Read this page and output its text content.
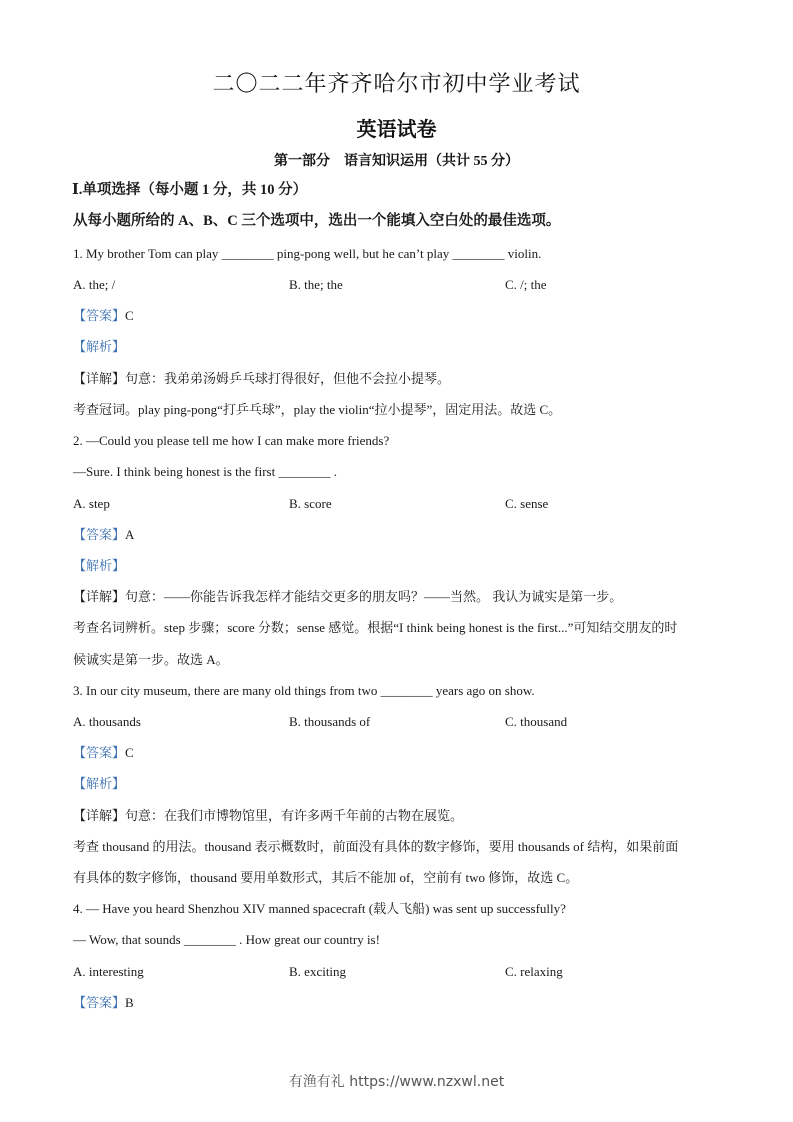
二〇二二年齐齐哈尔市初中学业考试
英语试卷
第一部分　语言知识运用（共计 55 分）
Ⅰ.单项选择（每小题 1 分，共 10 分）
从每小题所给的 A、B、C 三个选项中，选出一个能填入空白处的最佳选项。
1. My brother Tom can play ________ ping-pong well, but he can’t play ________ violin.
A. the; /	B. the; the	C. /; the
【答案】C
【解析】
【详解】句意：我弟弟汤姆乒乓球打得很好，但他不会拉小提琴。
考查冠词。play ping-pong“打乒乓球”，play the violin“拉小提琴”，固定用法。故选 C。
2. —Could you please tell me how I can make more friends?
—Sure. I think being honest is the first ________ .
A. step	B. score	C. sense
【答案】A
【解析】
【详解】句意：——你能告诉我怎样才能结交更多的朋友吗？——当然。 我认为诚实是第一步。
考查名词辨析。step 步骤；score 分数；sense 感觉。根据“I think being honest is the first...”可知结交朋友的时
候诚实是第一步。故选 A。
3. In our city museum, there are many old things from two ________ years ago on show.
A. thousands	B. thousands of	C. thousand
【答案】C
【解析】
【详解】句意：在我们市博物馆里，有许多两千年前的古物在展览。
考查 thousand 的用法。thousand 表示概数时，前面没有具体的数字修饰，要用 thousands of 结构，如果前面
有具体的数字修饰，thousand 要用单数形式，其后不能加 of，空前有 two 修饰，故选 C。
4. — Have you heard Shenzhou XIV manned spacecraft (载人飞船) was sent up successfully?
— Wow, that sounds ________ . How great our country is!
A. interesting	B. exciting	C. relaxing
【答案】B
有渔有礼 https://www.nzxwl.net
